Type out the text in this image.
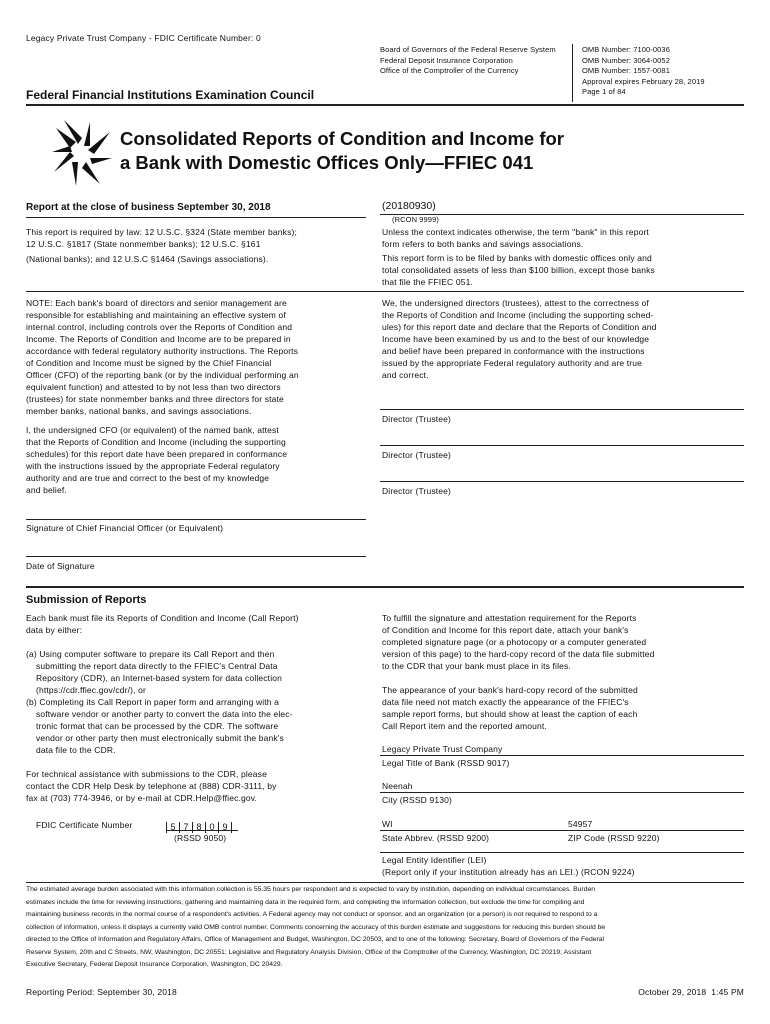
Legacy Private Trust Company - FDIC Certificate Number: 0
Board of Governors of the Federal Reserve System
Federal Deposit Insurance Corporation
Office of the Comptroller of the Currency
OMB Number: 7100-0036
OMB Number: 3064-0052
OMB Number: 1557-0081
Approval expires February 28, 2019
Page 1 of 84
Federal Financial Institutions Examination Council
Consolidated Reports of Condition and Income for
a Bank with Domestic Offices Only—FFIEC 041
Report at the close of business September 30, 2018	(20180930)
(RCON 9999)
This report is required by law: 12 U.S.C. §324 (State member banks);
12 U.S.C. §1817 (State nonmember banks); 12 U.S.C. §161
(National banks); and 12 U.S.C §1464 (Savings associations).
Unless the context indicates otherwise, the term "bank" in this report
form refers to both banks and savings associations.
This report form is to be filed by banks with domestic offices only and
total consolidated assets of less than $100 billion, except those banks
that file the FFIEC 051.
NOTE: Each bank's board of directors and senior management are
responsible for establishing and maintaining an effective system of
internal control, including controls over the Reports of Condition and
Income. The Reports of Condition and Income are to be prepared in
accordance with federal regulatory authority instructions. The Reports
of Condition and Income must be signed by the Chief Financial
Officer (CFO) of the reporting bank (or by the individual performing an
equivalent function) and attested to by not less than two directors
(trustees) for state nonmember banks and three directors for state
member banks, national banks, and savings associations.
I, the undersigned CFO (or equivalent) of the named bank, attest
that the Reports of Condition and Income (including the supporting
schedules) for this report date have been prepared in conformance
with the instructions issued by the appropriate Federal regulatory
authority and are true and correct to the best of my knowledge
and belief.
We, the undersigned directors (trustees), attest to the correctness of
the Reports of Condition and Income (including the supporting sched-
ules) for this report date and declare that the Reports of Condition and
Income have been examined by us and to the best of our knowledge
and belief have been prepared in conformance with the instructions
issued by the appropriate Federal regulatory authority and are true
and correct.
Director (Trustee)
Director (Trustee)
Director (Trustee)
Signature of Chief Financial Officer (or Equivalent)
Date of Signature
Submission of Reports
Each bank must file its Reports of Condition and Income (Call Report)
data by either:
(a) Using computer software to prepare its Call Report and then
submitting the report data directly to the FFIEC's Central Data
Repository (CDR), an Internet-based system for data collection
(https://cdr.ffiec.gov/cdr/), or
(b) Completing its Call Report in paper form and arranging with a
software vendor or another party to convert the data into the elec-
tronic format that can be processed by the CDR. The software
vendor or other party then must electronically submit the bank's
data file to the CDR.
For technical assistance with submissions to the CDR, please
contact the CDR Help Desk by telephone at (888) CDR-3111, by
fax at (703) 774-3946, or by e-mail at CDR.Help@ffiec.gov.
FDIC Certificate Number	5 7 8 0 9
(RSSD 9050)
To fulfill the signature and attestation requirement for the Reports
of Condition and Income for this report date, attach your bank's
completed signature page (or a photocopy or a computer generated
version of this page) to the hard-copy record of the data file submitted
to the CDR that your bank must place in its files.
The appearance of your bank's hard-copy record of the submitted
data file need not match exactly the appearance of the FFIEC's
sample report forms, but should show at least the caption of each
Call Report item and the reported amount.
Legacy Private Trust Company
Legal Title of Bank (RSSD 9017)
Neenah
City (RSSD 9130)
WI	54957
State Abbrev. (RSSD 9200)	ZIP Code (RSSD 9220)
Legal Entity Identifier (LEI)
(Report only if your institution already has an LEI.) (RCON 9224)
The estimated average burden associated with this information collection is 55.35 hours per respondent and is expected to vary by institution, depending on individual circumstances. Burden
estimates include the time for reviewing instructions, gathering and maintaining data in the required form, and completing the information collection, but exclude the time for compiling and
maintaining business records in the normal course of a respondent's activities. A Federal agency may not conduct or sponsor, and an organization (or a person) is not required to respond to a
collection of information, unless it displays a currently valid OMB control number. Comments concerning the accuracy of this burden estimate and suggestions for reducing this burden should be
directed to the Office of Information and Regulatory Affairs, Office of Management and Budget, Washington, DC 20503, and to one of the following: Secretary, Board of Governors of the Federal
Reserve System, 20th and C Streets, NW, Washington, DC 20551; Legislative and Regulatory Analysis Division, Office of the Comptroller of the Currency, Washington, DC 20219; Assistant
Executive Secretary, Federal Deposit Insurance Corporation, Washington, DC 20429.
Reporting Period: September 30, 2018	October 29, 2018  1:45 PM
